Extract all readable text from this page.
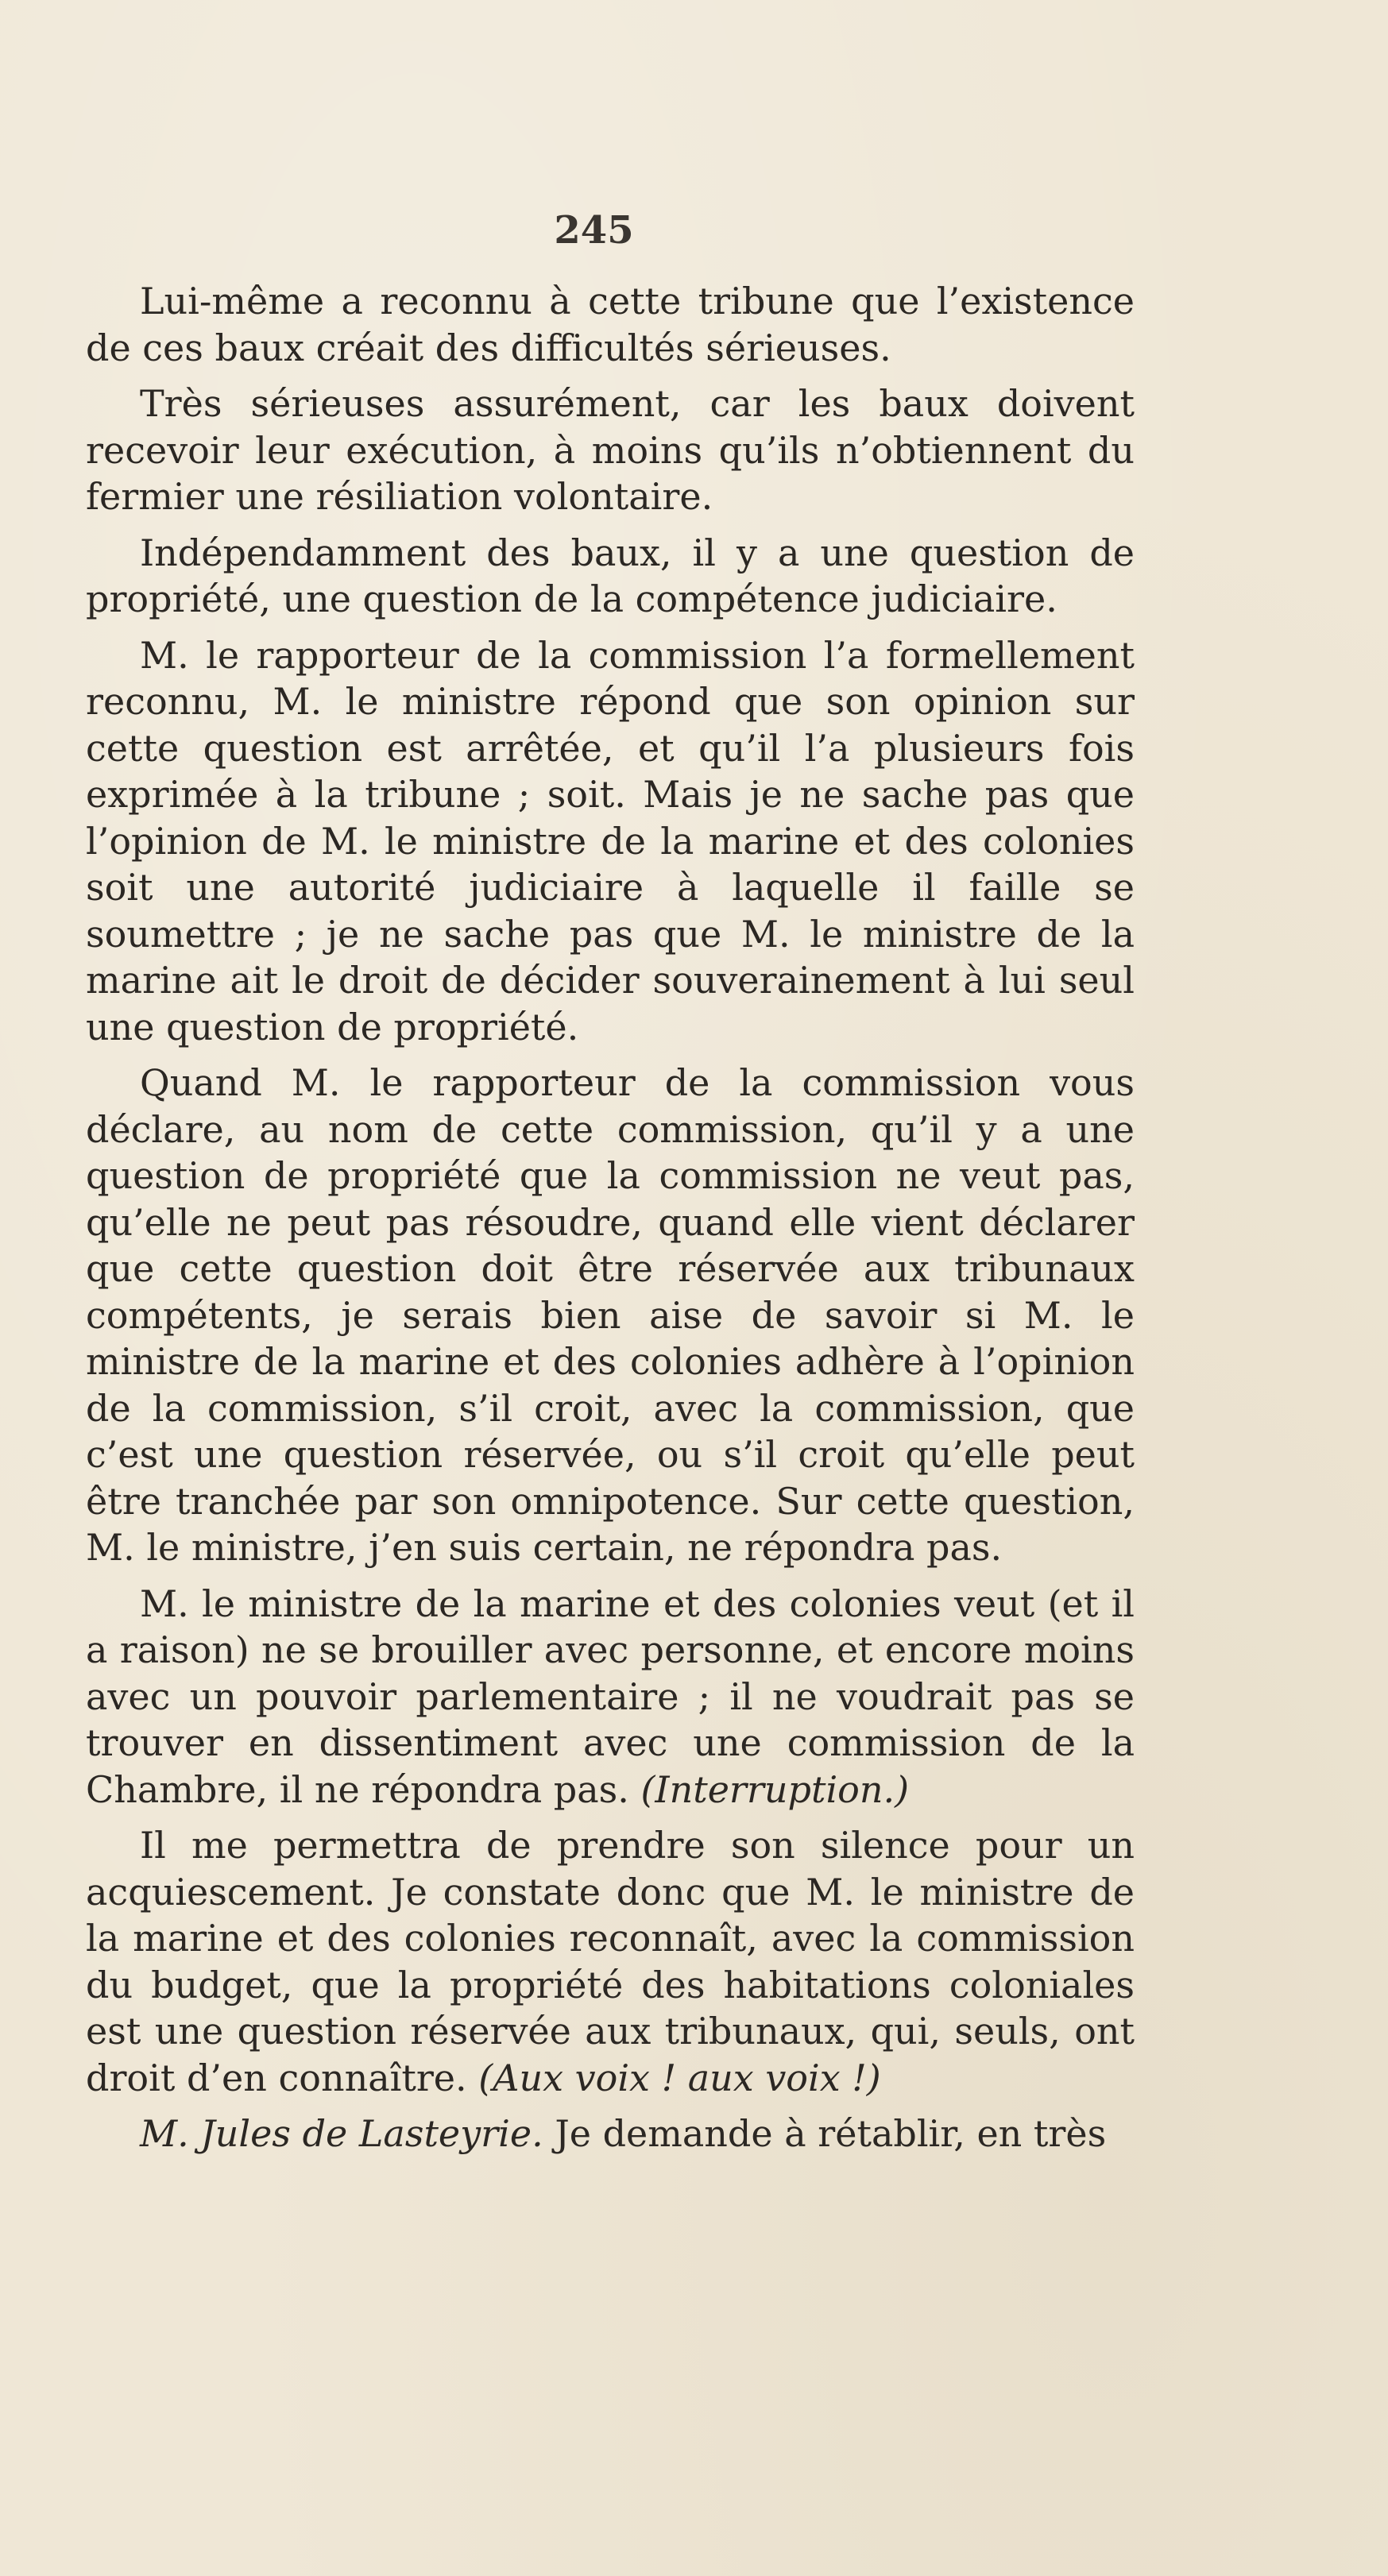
245

Lui-même a reconnu à cette tribune que l’existence de ces baux créait des difficultés sérieuses.

Très sérieuses assurément, car les baux doivent recevoir leur exécution, à moins qu’ils n’obtiennent du fermier une résiliation volontaire.

Indépendamment des baux, il y a une question de propriété, une question de la compétence judiciaire.

M. le rapporteur de la commission l’a formellement reconnu, M. le ministre répond que son opinion sur cette question est arrêtée, et qu’il l’a plusieurs fois exprimée à la tribune ; soit. Mais je ne sache pas que l’opinion de M. le ministre de la marine et des colonies soit une autorité judiciaire à laquelle il faille se soumettre ; je ne sache pas que M. le ministre de la marine ait le droit de décider souverainement à lui seul une question de propriété.

Quand M. le rapporteur de la commission vous déclare, au nom de cette commission, qu’il y a une question de propriété que la commission ne veut pas, qu’elle ne peut pas résoudre, quand elle vient déclarer que cette question doit être réservée aux tribunaux compétents, je serais bien aise de savoir si M. le ministre de la marine et des colonies adhère à l’opinion de la commission, s’il croit, avec la commission, que c’est une question réservée, ou s’il croit qu’elle peut être tranchée par son omnipotence. Sur cette question, M. le ministre, j’en suis certain, ne répondra pas.

M. le ministre de la marine et des colonies veut (et il a raison) ne se brouiller avec personne, et encore moins avec un pouvoir parlementaire ; il ne voudrait pas se trouver en dissentiment avec une commission de la Chambre, il ne répondra pas. (Interruption.)

Il me permettra de prendre son silence pour un acquiescement. Je constate donc que M. le ministre de la marine et des colonies reconnaît, avec la commission du budget, que la propriété des habitations coloniales est une question réservée aux tribunaux, qui, seuls, ont droit d’en connaître. (Aux voix ! aux voix !)

M. Jules de Lasteyrie. Je demande à rétablir, en très
